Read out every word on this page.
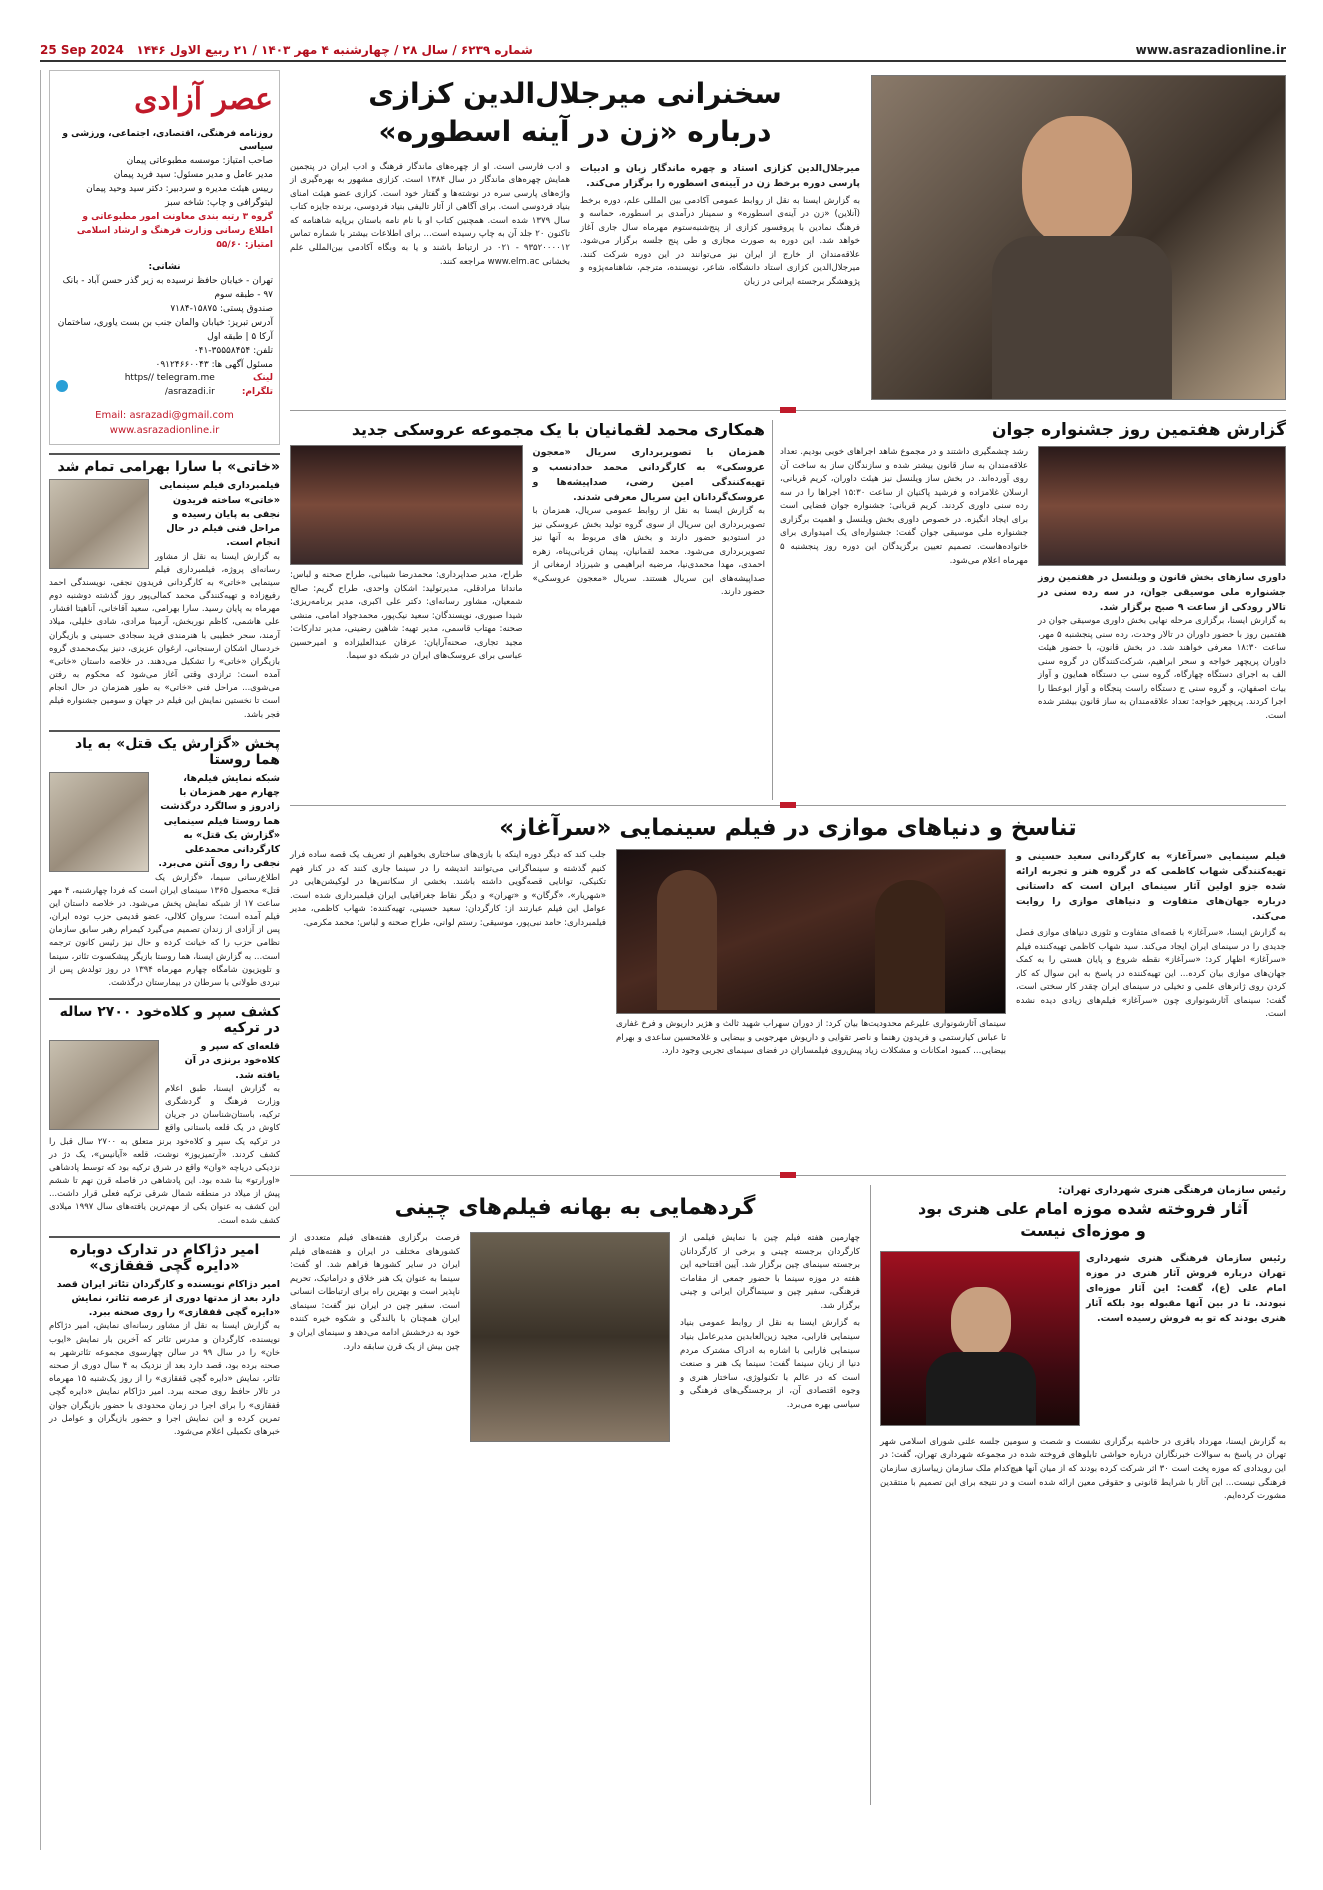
www.asrazadionline.ir
شماره ۶۲۳۹ / سال ۲۸ / چهارشنبه ۴ مهر ۱۴۰۳ / ۲۱ ربیع الاول ۱۴۴۶   25 Sep 2024
عصر آزادی
روزنامه فرهنگی، اقتصادی، اجتماعی، ورزشی و سیاسی
صاحب امتیاز: موسسه مطبوعاتی پیمان
مدیر عامل و مدیر مسئول: سید فرید پیمان
رییس هیئت مدیره و سردبیر: دکتر سید وحید پیمان
لیتوگرافی و چاپ: شاخه سبز
گروه ۳ رتبه بندی معاونت امور مطبوعاتی و اطلاع رسانی وزارت فرهنگ و ارشاد اسلامی امتیاز: ۵۵/۶۰
نشانی:
تهران - خیابان حافظ نرسیده به زیر گذر حسن آباد - بانک ۹۷ - طبقه سوم
صندوق پستی: ۱۵۸۷۵-۷۱۸۴
آدرس تبریز: خیابان والمان جنب بن بست یاوری، ساختمان آرکا ۵ | طبقه اول
تلفن: ۳۵۵۵۸۴۵۴-۰۴۱
مسئول آگهی ها: ۰۹۱۲۴۶۶۰۰۴۳
https// telegram.me /asrazadi.ir
لینک تلگرام:
Email: asrazadi@gmail.com
www.asrazadionline.ir
«خاتی» با سارا بهرامی تمام شد
فیلمبرداری فیلم سینمایی «خاتی» ساخته فریدون نجفی به پایان رسیده و مراحل فنی فیلم در حال انجام است.

به گزارش ایسنا به نقل از مشاور رسانه‌ای پروژه، فیلمبرداری فیلم سینمایی «خاتی» به کارگردانی فریدون نجفی، نویسندگی احمد رفیع‌زاده و تهیه‌کنندگی محمد کمالی‌پور روز گذشته دوشنبه دوم مهرماه به پایان رسید. سارا بهرامی، سعید آقاخانی، آناهیتا افشار، علی هاشمی، کاظم نوربخش، آرمیتا مرادی، شادی خلیلی، میلاد آرمند، سحر خطیبی با هنرمندی فرید سجادی حسینی و بازیگران خردسال اشکان ارسنجانی، ارغوان عزیزی، دنیز بیک‌محمدی گروه بازیگران «خاتی» را تشکیل می‌دهند. در خلاصه داستان «خاتی» آمده است: ترازدی وقتی آغاز می‌شود که محکوم به رفتن می‌شوی... مراحل فنی «خاتی» به طور همزمان در حال انجام است تا نخستین نمایش این فیلم در جهان و سومین جشنواره فیلم فجر باشد.

پخش «گزارش یک قتل» به یاد هما روستا
شبکه نمایش فیلم‌ها، چهارم مهر همزمان با زادروز و سالگرد درگذشت هما روستا فیلم سینمایی «گزارش یک قتل» به کارگردانی محمدعلی نجفی را روی آنتن می‌برد.

اطلاع‌رسانی سیما، «گزارش یک قتل» محصول ۱۳۶۵ سینمای ایران است که فردا چهارشنبه، ۴ مهر ساعت ۱۷ از شبکه نمایش پخش می‌شود. در خلاصه داستان این فیلم آمده است: سروان کلالی، عضو قدیمی حزب توده ایران، پس از آزادی از زندان تصمیم می‌گیرد کیمرام رهبر سابق سازمان نظامی حزب را که خیانت کرده و حال نیز رئیس کانون ترجمه است... به گزارش ایسنا، هما روستا بازیگر پیشکسوت تئاتر، سینما و تلویزیون شامگاه چهارم مهرماه ۱۳۹۴ در روز تولدش پس از نبردی طولانی با سرطان در بیمارستان درگذشت.

کشف سپر و کلاه‌خود ۲۷۰۰ ساله در ترکیه
قلعه‌ای که سپر و کلاه‌خود برنزی در آن یافته شد.

به گزارش ایسنا، طبق اعلام وزارت فرهنگ و گردشگری ترکیه، باستان‌شناسان در جریان کاوش در یک قلعه باستانی واقع در ترکیه یک سپر و کلاه‌خود برنز متعلق به ۲۷۰۰ سال قبل را کشف کردند. «آرتمیزیوز» نوشت، قلعه «آیانیس»، یک دژ در نزدیکی دریاچه «وان» واقع در شرق ترکیه بود که توسط پادشاهی «اورارتو» بنا شده بود. این پادشاهی در فاصله قرن نهم تا ششم پیش از میلاد در منطقه شمال شرقی ترکیه فعلی قرار داشت... این کشف به عنوان یکی از مهم‌ترین یافته‌های سال ۱۹۹۷ میلادی کشف شده است.

امیر دژاکام در تدارک دوباره «دایره گچی قفقازی»
امیر دژاکام نویسنده و کارگردان تئاتر ایران قصد دارد بعد از مدتها دوری از عرصه تئاتر، نمایش «دایره گچی قفقازی» را روی صحنه ببرد.

به گزارش ایسنا به نقل از مشاور رسانه‌ای نمایش، امیر دژاکام نویسنده، کارگردان و مدرس تئاتر که آخرین بار نمایش «ایوب خان» را در سال ۹۹ در سالن چهارسوی مجموعه تئاترشهر به صحنه برده بود، قصد دارد بعد از نزدیک به ۴ سال دوری از صحنه تئاتر، نمایش «دایره گچی قفقازی» را از روز یک‌شنبه ۱۵ مهرماه در تالار حافظ روی صحنه ببرد. امیر دژاکام نمایش «دایره گچی قفقازی» را برای اجرا در زمان محدودی با حضور بازیگران جوان تمرین کرده و این نمایش اجرا و حضور بازیگران و عوامل در خبرهای تکمیلی اعلام می‌شود.

سخنرانی میرجلال‌الدین کزازی
درباره «زن در آینه اسطوره»
میرجلال‌الدین کزازی استاد و چهره ماندگار زبان و ادبیات پارسی دوره برخط زن در آیینه‌ی اسطوره را برگزار می‌کند.
به گزارش ایسنا به نقل از روابط عمومی آکادمی بین المللی علم، دوره برخط (آنلاین) «زن در آینه‌ی اسطوره» و سمینار درآمدی بر اسطوره، حماسه و فرهنگ نمادین با پروفسور کزازی از پنج‌شنبه‌ستوم مهرماه سال جاری آغاز خواهد شد. این دوره به صورت مجازی و طی پنج جلسه برگزار می‌شود. علاقه‌مندان از خارج از ایران نیز می‌توانند در این دوره شرکت کنند. میرجلال‌الدین کزازی استاد دانشگاه، شاعر، نویسنده، مترجم، شاهنامه‌پژوه و پژوهشگر برجسته ایرانی در زبان
و ادب فارسی است. او از چهره‌های ماندگار فرهنگ و ادب ایران در پنجمین همایش چهره‌های ماندگار در سال ۱۳۸۴ است. کزازی مشهور به بهره‌گیری از واژه‌های پارسی سره در نوشته‌ها و گفتار خود است. کزازی عضو هیئت امنای بنیاد فردوسی است. برای آگاهی از آثار تالیفی بنیاد فردوسی، برنده جایزه کتاب سال ۱۳۷۹ شده است. همچنین کتاب او با نام نامه باستان برپایه شاهنامه که تاکنون ۲۰ جلد آن به چاپ رسیده است... برای اطلاعات بیشتر با شماره تماس ۹۳۵۲۰۰۰۰۱۲ - ۰۲۱ در ارتباط باشند و یا به وبگاه آکادمی بین‌المللی علم بخشانی www.elm.ac مراجعه کنند.
گزارش هفتمین روز جشنواره جوان
داوری سازهای بخش قانون و ویلنسل در هفتمین روز جشنواره ملی موسیقی جوان، در سه رده سنی در تالار رودکی از ساعت ۹ صبح برگزار شد.
به گزارش ایسنا، برگزاری مرحله نهایی بخش داوری موسیقی جوان در هفتمین روز با حضور داوران در تالار وحدت، رده سنی پنجشنبه ۵ مهر، ساعت ۱۸:۳۰ معرفی خواهند شد. در بخش قانون، با حضور هیئت داوران پریچهر خواجه و سحر ابراهیم، شرکت‌کنندگان در گروه سنی الف به اجرای دستگاه چهارگاه، گروه سنی ب دستگاه همایون و آواز بیات اصفهان، و گروه سنی ج دستگاه راست پنجگاه و آواز ابوعطا را اجرا کردند. پریچهر خواجه: تعداد علاقه‌مندان به ساز قانون بیشتر شده است.
رشد چشمگیری داشتند و در مجموع شاهد اجراهای خوبی بودیم. تعداد علاقه‌مندان به ساز قانون بیشتر شده و سازندگان ساز به ساخت آن روی آورده‌اند. در بخش ساز ویلنسل نیز هیئت داوران، کریم قربانی، ارسلان غلامزاده و فرشید پاکنیان از ساعت ۱۵:۳۰ اجراها را در سه رده سنی داوری کردند. کریم قربانی: جشنواره جوان فضایی است برای ایجاد انگیزه. در خصوص داوری بخش ویلنسل و اهمیت برگزاری جشنواره ملی موسیقی جوان گفت: جشنواره‌ای یک امیدواری برای خانواده‌هاست. تصمیم تعیین برگزیدگان این دوره روز پنجشنبه ۵ مهرماه اعلام می‌شود.
همکاری محمد لقمانیان با یک مجموعه عروسکی جدید
همزمان با تصویربرداری سریال «معجون عروسکی» به کارگردانی محمد حدادنسب و تهیه‌کنندگی امین رضی، صداپیشه‌ها و عروسک‌گردانان این سریال معرفی شدند.
به گزارش ایسنا به نقل از روابط عمومی سریال، همزمان با تصویربرداری این سریال از سوی گروه تولید بخش عروسکی نیز در استودیو حضور دارند و بخش های مربوط به آنها نیز تصویربرداری می‌شود. محمد لقمانیان، پیمان قربانی‌پناه، زهره احمدی، مهدا محمدی‌نیا، مرضیه ابراهیمی و شیرزاد ارمغانی از صداپیشه‌های این سریال هستند. سریال «معجون عروسکی» حضور دارند.
طراح، مدیر صداپرداری: محمدرضا شیبانی، طراح صحنه و لباس: ماندانا مرادقلی، مدیرتولید: اشکان واحدی، طراح گریم: صالح شمعیان، مشاور رسانه‌ای: دکتر علی اکبری، مدیر برنامه‌ریزی: شیدا صبوری، نویسندگان: سعید نیک‌پور، محمدجواد امامی، منشی صحنه: مهتاب قاسمی، مدیر تهیه: شاهین رضینی، مدیر تدارکات: مجید تجاری، صحنه‌آرایان: عرفان عبدالعلیزاده و امیرحسین عباسی برای عروسک‌های ایران در شبکه دو سیما.
تناسخ و دنیاهای موازی در فیلم سینمایی «سرآغاز»
فیلم سینمایی «سرآغاز» به کارگردانی سعید حسینی و تهیه‌کنندگی شهاب کاظمی که در گروه هنر و تجربه ارائه شده جزو اولین آثار سینمای ایران است که داستانی درباره جهان‌های متفاوت و دنیاهای موازی را روایت می‌کند.
به گزارش ایسنا، «سرآغاز» با قصه‌ای متفاوت و تئوری دنیاهای موازی فصل جدیدی را در سینمای ایران ایجاد می‌کند. سید شهاب کاظمی تهیه‌کننده فیلم «سرآغاز» اظهار کرد: «سرآغاز» نقطه شروع و پایان هستی را به کمک جهان‌های موازی بیان کرده... این تهیه‌کننده در پاسخ به این سوال که کار کردن روی ژانرهای علمی و تخیلی در سینمای ایران چقدر کار سختی است، گفت: سینمای آثارشونواری چون «سرآغاز» فیلم‌های زیادی دیده نشده است.
سینمای آثارشونواری علیرغم محدودیت‌ها بیان کرد: از دوران سهراب شهید ثالث و هژیر داریوش و فرخ غفاری تا عباس کیارستمی و فریدون رهنما و ناصر تقوایی و داریوش مهرجویی و بیضایی و غلامحسین ساعدی و بهرام بیضایی... کمبود امکانات و مشکلات زیاد پیش‌روی فیلمسازان در فضای سینمای تجربی وجود دارد.
جلب کند که دیگر دوره اینکه با بازی‌های ساختاری بخواهیم از تعریف یک قصه ساده فرار کنیم گذشته و سینماگرانی می‌توانند اندیشه را در سینما جاری کنند که در کنار فهم تکنیکی، توانایی قصه‌گویی داشته باشند. بخشی از سکانس‌ها در لوکیشن‌هایی در «شهریار»، «گرگان» و «تهران» و دیگر نقاط جغرافیایی ایران فیلمبرداری شده است. عوامل این فیلم عبارتند از: کارگردان: سعید حسینی، تهیه‌کننده: شهاب کاظمی، مدیر فیلمبرداری: حامد نبی‌پور، موسیقی: رستم لوانی، طراح صحنه و لباس: محمد مکرمی.
رئیس سازمان فرهنگی هنری شهرداری تهران:
آثار فروخته شده موزه امام علی هنری بود
و موزه‌ای نیست
رئیس سازمان فرهنگی هنری شهرداری تهران درباره فروش آثار هنری در موزه امام علی (ع)، گفت: این آثار موزه‌ای نبودند. تا در بین آنها مقبوله بود بلکه آثار هنری بودند که تو به فروش رسیده است.
به گزارش ایسنا، مهرداد باقری در حاشیه برگزاری نشست و شصت و سومین جلسه علنی شورای اسلامی شهر تهران در پاسخ به سوالات خبرنگاران درباره حواشی تابلوهای فروخته شده در مجموعه شهرداری تهران، گفت: در این رویدادی که موزه پخت است ۳۰ اثر شرکت کرده بودند که از میان آنها هیچ‌کدام ملک سازمان زیبا‌سازی سازمان فرهنگی نیست... این آثار با شرایط قانونی و حقوقی معین ارائه شده است و در نتیجه برای این تصمیم با منتقدین مشورت کرده‌ایم.
گردهمایی به بهانه فیلم‌های چینی
چهارمین هفته فیلم چین با نمایش فیلمی از کارگردان برجسته چینی و برخی از کارگردانان برجسته سینمای چین برگزار شد. آیین افتتاحیه این هفته در موزه سینما با حضور جمعی از مقامات فرهنگی، سفیر چین و سینماگران ایرانی و چینی برگزار شد.
به گزارش ایسنا به نقل از روابط عمومی بنیاد سینمایی فارابی، مجید زین‌العابدین مدیرعامل بنیاد سینمایی فارابی با اشاره به ادراک مشترک مردم دنیا از زبان سینما گفت: سینما یک هنر و صنعت است که در عالم با تکنولوژی، ساختار هنری و وجوه اقتصادی آن، از برجستگی‌های فرهنگی و سیاسی بهره می‌برد.
فرصت برگزاری هفته‌های فیلم متعددی از کشورهای مختلف در ایران و هفته‌های فیلم ایران در سایر کشورها فراهم شد. او گفت: سینما به عنوان یک هنر خلاق و دراماتیک، تحریم ناپذیر است و بهترین راه برای ارتباطات انسانی است. سفیر چین در ایران نیز گفت: سینمای ایران همچنان با بالندگی و شکوه خیره کننده خود به درخشش ادامه می‌دهد و سینمای ایران و چین بیش از یک قرن سابقه دارد.
